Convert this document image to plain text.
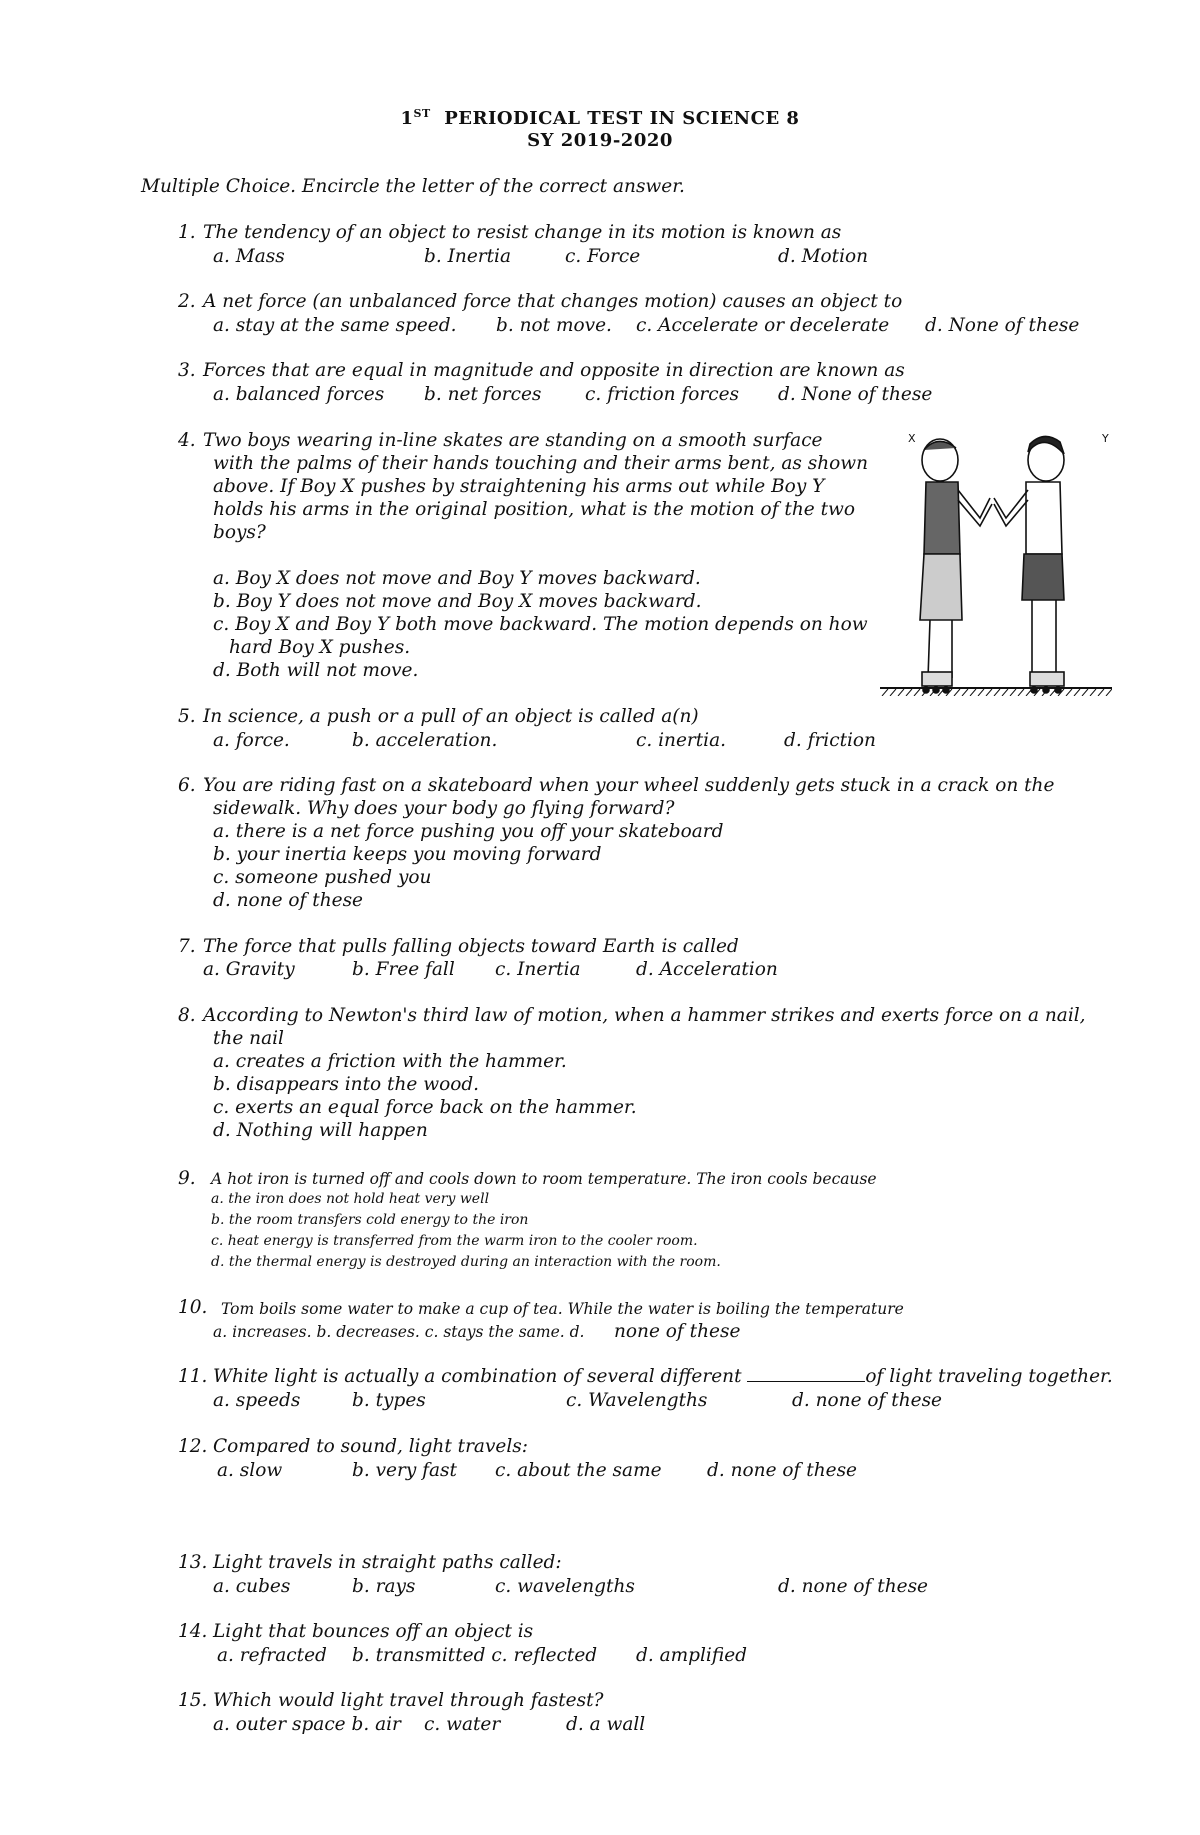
1ST PERIODICAL TEST IN SCIENCE 8
SY 2019-2020
Multiple Choice. Encircle the letter of the correct answer.
1. The tendency of an object to resist change in its motion is known as
a. Mass	b. Inertia	c. Force	d. Motion
2. A net force (an unbalanced force that changes motion) causes an object to
a. stay at the same speed. b. not move. c. Accelerate or decelerate d. None of these
3. Forces that are equal in magnitude and opposite in direction are known as
a. balanced forces b. net forces c. friction forces d. None of these
4. Two boys wearing in-line skates are standing on a smooth surface
with the palms of their hands touching and their arms bent, as shown
above. If Boy X pushes by straightening his arms out while Boy Y
holds his arms in the original position, what is the motion of the two
boys?
a. Boy X does not move and Boy Y moves backward.
b. Boy Y does not move and Boy X moves backward.
c. Boy X and Boy Y both move backward. The motion depends on how
hard Boy X pushes.
d. Both will not move.
X	Y
5. In science, a push or a pull of an object is called a(n)
a. force.	b. acceleration.	c. inertia.	d. friction
6. You are riding fast on a skateboard when your wheel suddenly gets stuck in a crack on the
sidewalk. Why does your body go flying forward?
a. there is a net force pushing you off your skateboard
b. your inertia keeps you moving forward
c. someone pushed you
d. none of these
7. The force that pulls falling objects toward Earth is called
a. Gravity	b. Free fall c. Inertia	d. Acceleration
8. According to Newton's third law of motion, when a hammer strikes and exerts force on a nail,
the nail
a. creates a friction with the hammer.
b. disappears into the wood.
c. exerts an equal force back on the hammer.
d. Nothing will happen
9. A hot iron is turned off and cools down to room temperature. The iron cools because
a. the iron does not hold heat very well
b. the room transfers cold energy to the iron
c. heat energy is transferred from the warm iron to the cooler room.
d. the thermal energy is destroyed during an interaction with the room.
10. Tom boils some water to make a cup of tea. While the water is boiling the temperature
a. increases. b. decreases. c. stays the same. d. none of these
11. White light is actually a combination of several different	of light traveling together.
a. speeds	b. types	c. Wavelengths	d. none of these
12. Compared to sound, light travels:
a. slow	b. very fast c. about the same d. none of these
13. Light travels in straight paths called:
a. cubes	b. rays	c. wavelengths	d. none of these
14. Light that bounces off an object is
a. refracted b. transmitted c. reflected d. amplified
15. Which would light travel through fastest?
a. outer space b. air c. water	d. a wall
